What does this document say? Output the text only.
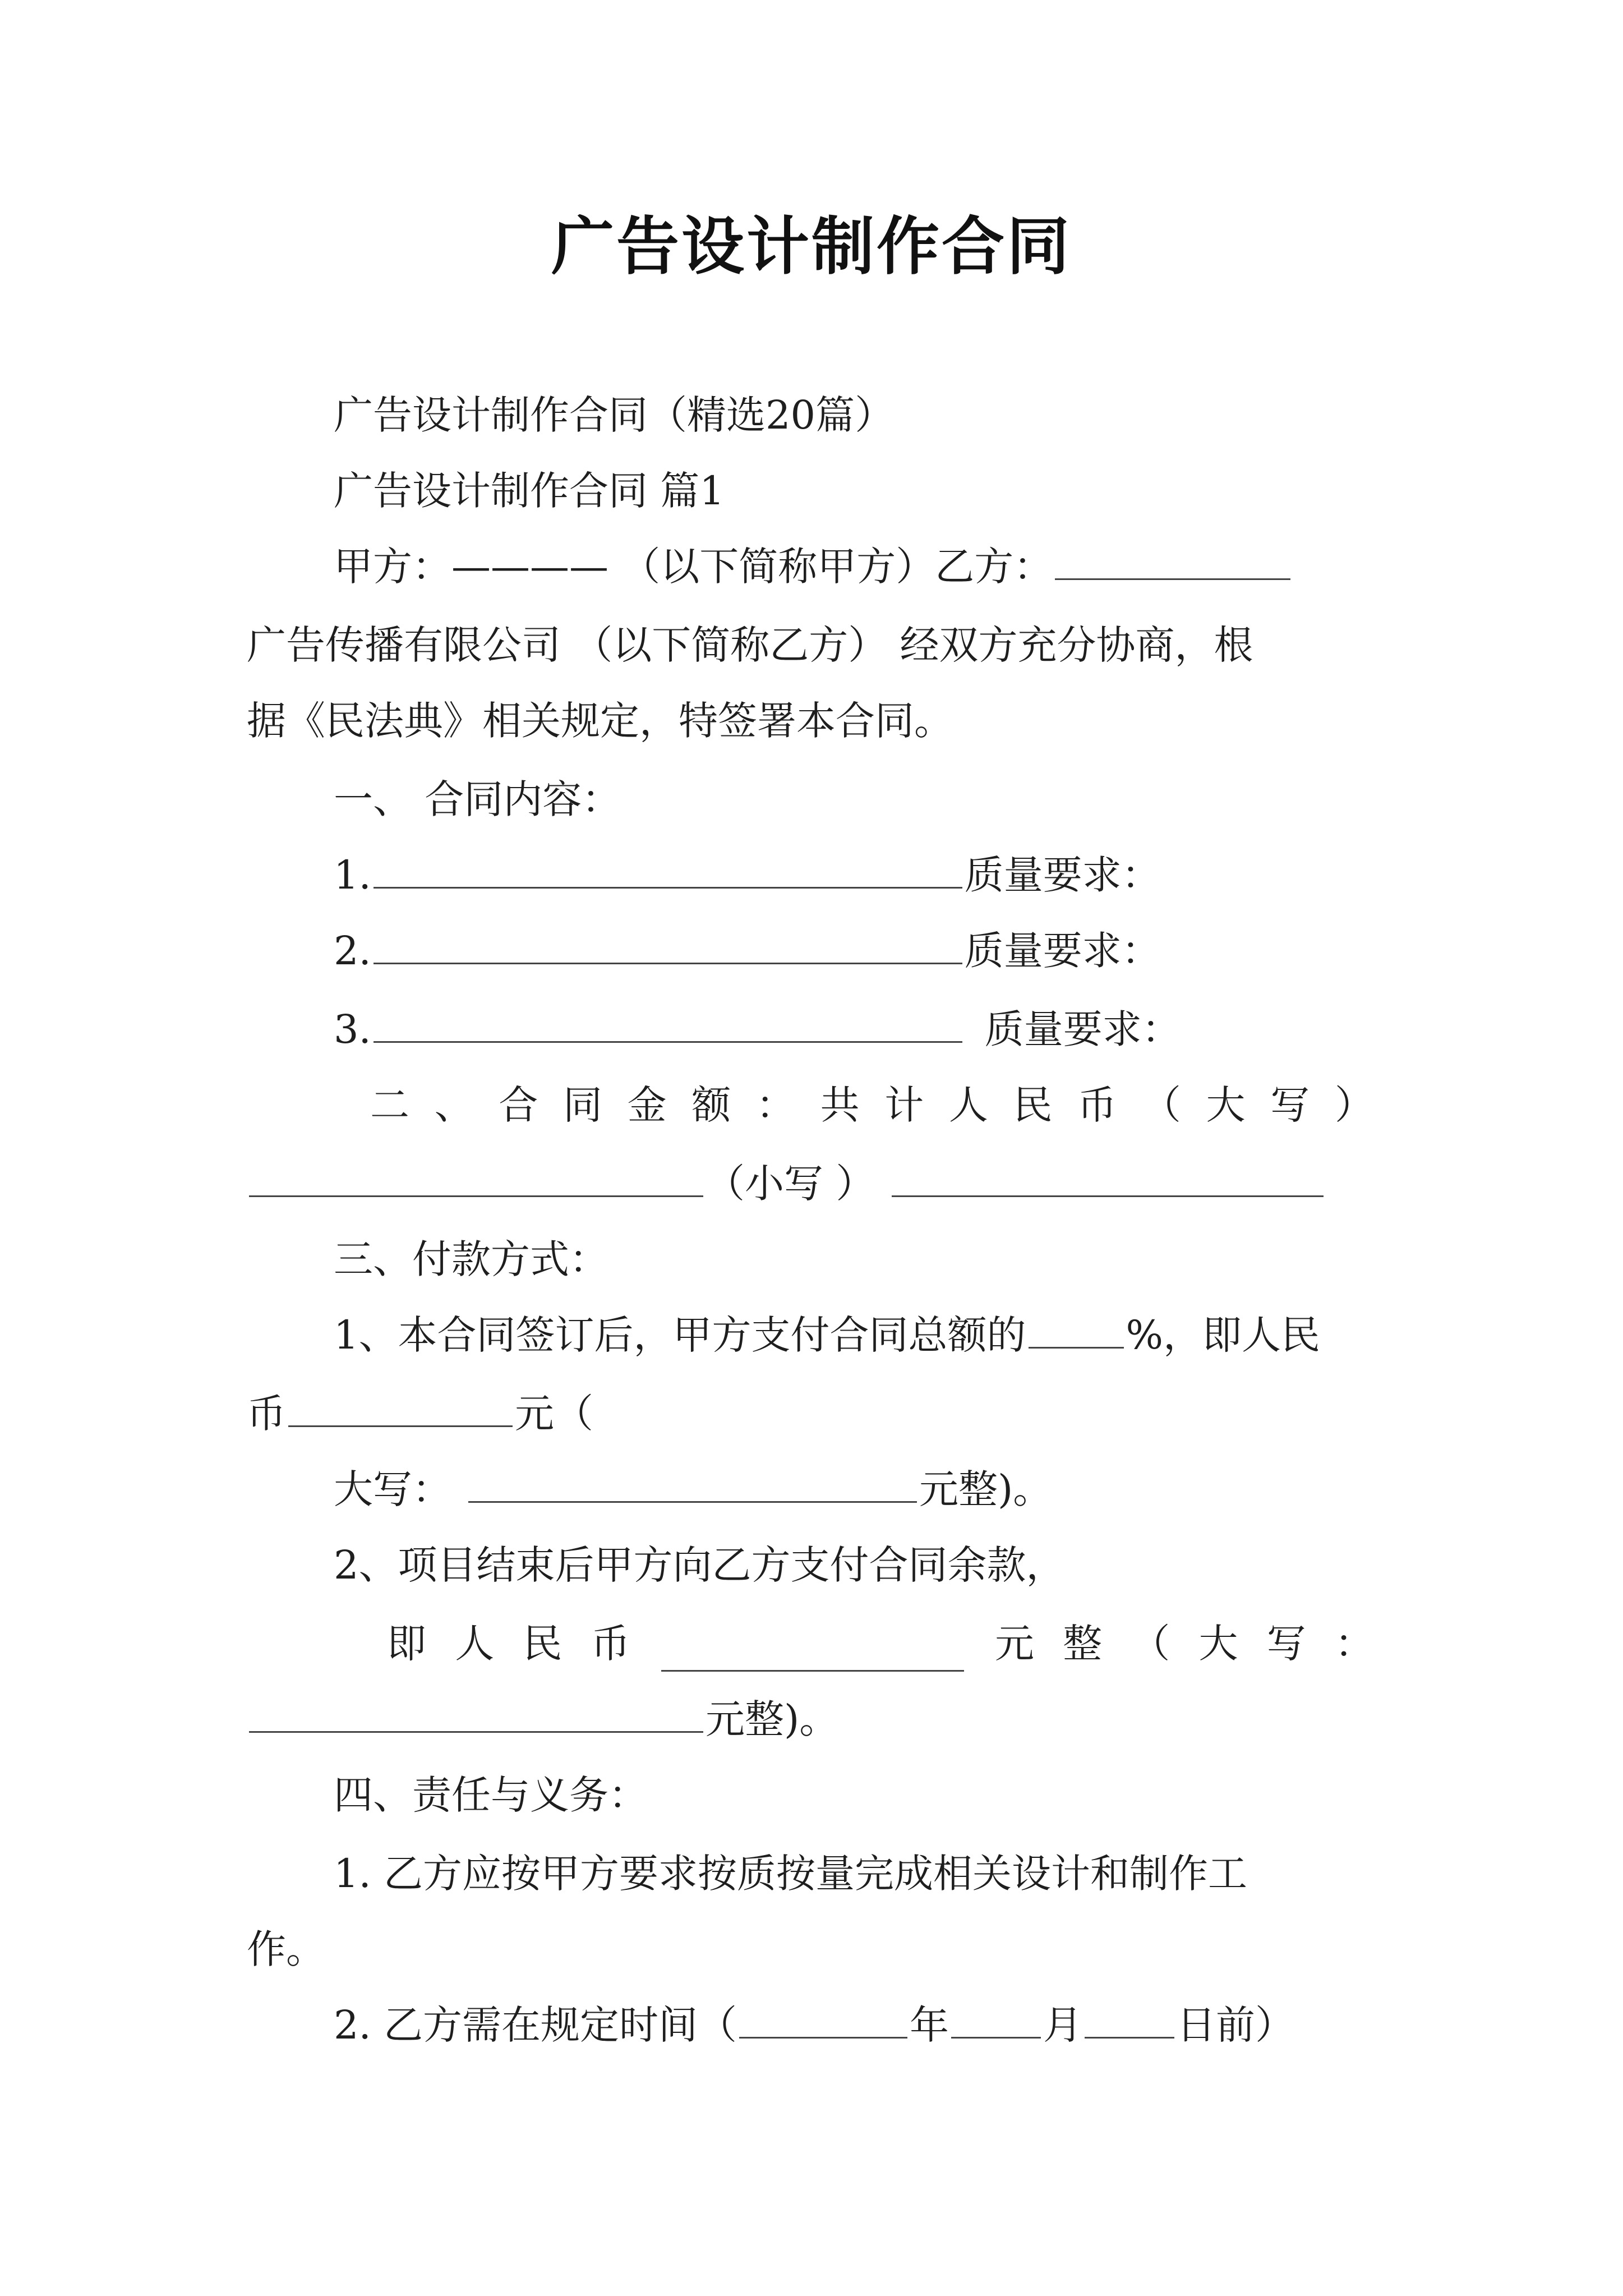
广告设计制作合同
广告设计制作合同（精选20篇）
广告设计制作合同 篇1
甲方：———— （以下简称甲方）乙方：
广告传播有限公司 （以下简称乙方） 经双方充分协商，根
据《民法典》相关规定，特签署本合同。
一、 合同内容：
1.	质量要求：
2.	质量要求：
3.	质量要求：
二 、 合 同 金 额 ： 共 计 人 民 币 （ 大 写 ）
（小写 ）
三、付款方式：
1、本合同签订后，甲方支付合同总额的	%，即人民
币	元（
大写：	元整)。
2、项目结束后甲方向乙方支付合同余款，
即 人 民 币	元 整 （ 大 写 ：
元整)。
四、责任与义务：
1. 乙方应按甲方要求按质按量完成相关设计和制作工
作。
2. 乙方需在规定时间（	年 月 日前）
